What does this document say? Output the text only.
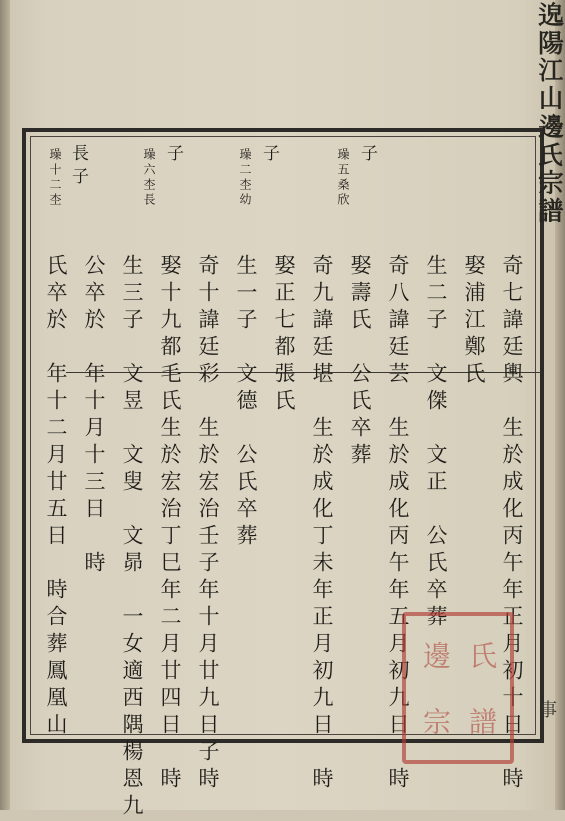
𨓅陽江山邊氏宗譜
璪五桑欣 子
璪二杢幼 子
璪六杢長 子
璪十二杢 長子
奇七諱廷輿　生於成化丙午年正月初十日　時
娶浦江鄭氏
生二子　文傑　文正　公氏卒葬
奇八諱廷芸　生於成化丙午年五月初九日　時
娶壽氏　公氏卒葬
奇九諱廷堪　生於成化丁未年正月初九日　時
娶正七都張氏
生一子　文德　公氏卒葬
奇十諱廷彩　生於宏治壬子年十月廿九日子時
娶十九都毛氏生於宏治丁巳年二月廿四日　時
生三子　文昱　文叟　文昴　一女適西隅楊恩九
公卒於　年十月十三日　時
氏卒於　年十二月廿五日　時合葬鳳凰山	邊 氏
宗 譜 事
